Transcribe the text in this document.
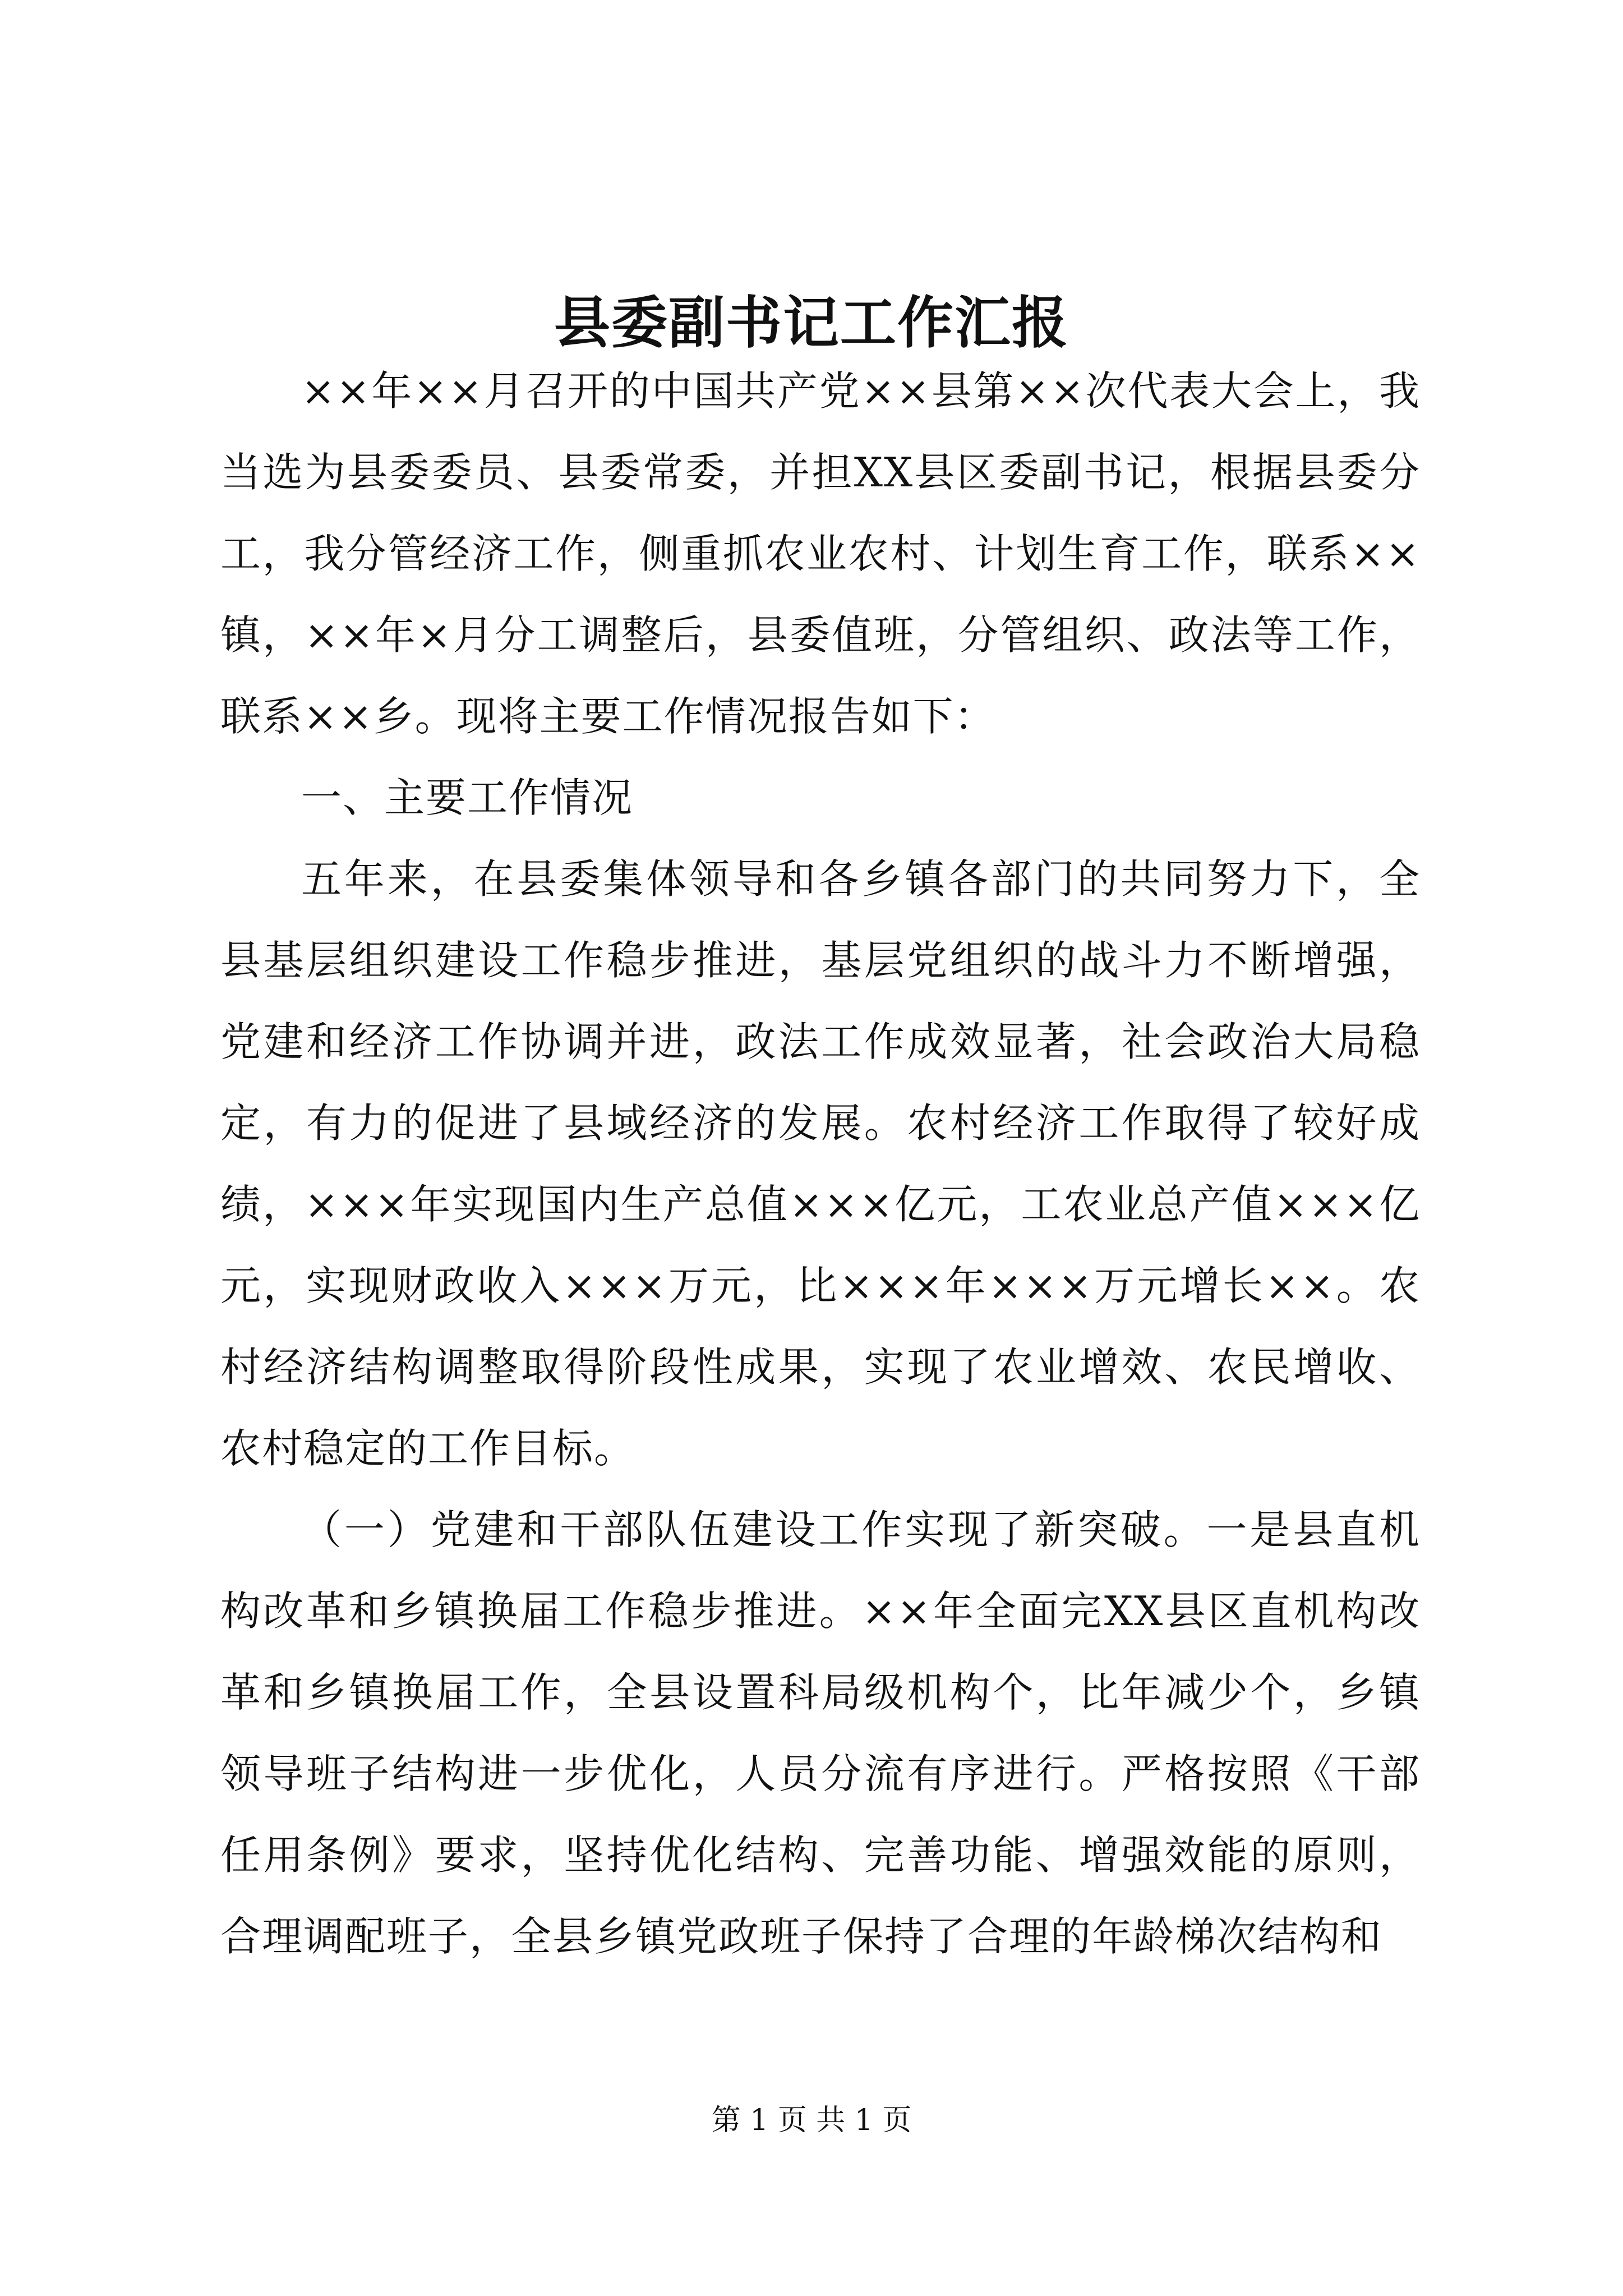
县委副书记工作汇报

××年××月召开的中国共产党××县第××次代表大会上，我当选为县委委员、县委常委，并担XX县区委副书记，根据县委分工，我分管经济工作，侧重抓农业农村、计划生育工作，联系××镇，××年×月分工调整后，县委值班，分管组织、政法等工作，联系××乡。现将主要工作情况报告如下：

一、主要工作情况

五年来，在县委集体领导和各乡镇各部门的共同努力下，全县基层组织建设工作稳步推进，基层党组织的战斗力不断增强，党建和经济工作协调并进，政法工作成效显著，社会政治大局稳定，有力的促进了县域经济的发展。农村经济工作取得了较好成绩，×××年实现国内生产总值×××亿元，工农业总产值×××亿元，实现财政收入×××万元，比×××年×××万元增长××。农村经济结构调整取得阶段性成果，实现了农业增效、农民增收、农村稳定的工作目标。

（一）党建和干部队伍建设工作实现了新突破。一是县直机构改革和乡镇换届工作稳步推进。××年全面完XX县区直机构改革和乡镇换届工作，全县设置科局级机构个，比年减少个，乡镇领导班子结构进一步优化，人员分流有序进行。严格按照《干部任用条例》要求，坚持优化结构、完善功能、增强效能的原则，合理调配班子，全县乡镇党政班子保持了合理的年龄梯次结构和

第 1 页 共 1 页
